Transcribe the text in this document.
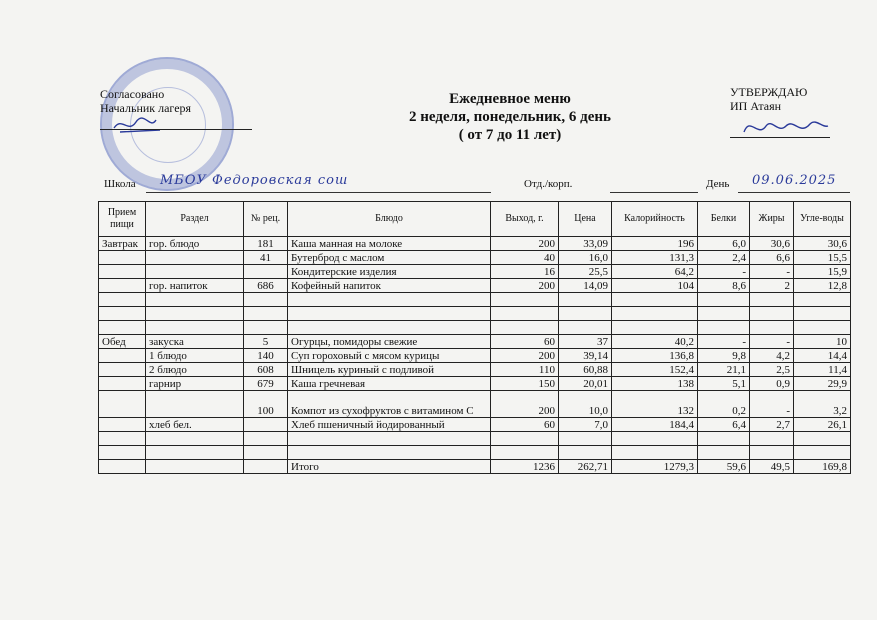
Согласовано
Начальник лагеря
УТВЕРЖДАЮ
ИП Атаян
Ежедневное меню
2 неделя, понедельник, 6 день
( от 7 до 11 лет)
Школа МБОУ Федоровская сош	Отд./корп.	День 09.06.2025
Прием пищи	Раздел	№ рец.	Блюдо	Выход, г.	Цена	Калорийность	Белки	Жиры	Угле-воды
Завтрак	гор. блюдо	181	Каша манная на молоке	200	33,09	196	6,0	30,6	30,6
		41	Бутерброд с маслом	40	16,0	131,3	2,4	6,6	15,5
			Кондитерские изделия	16	25,5	64,2	-	-	15,9
	гор. напиток	686	Кофейный напиток	200	14,09	104	8,6	2	12,8

Обед	закуска	5	Огурцы, помидоры свежие	60	37	40,2	-	-	10
	1 блюдо	140	Суп гороховый с мясом курицы	200	39,14	136,8	9,8	4,2	14,4
	2 блюдо	608	Шницель куриный с подливой	110	60,88	152,4	21,1	2,5	11,4
	гарнир	679	Каша гречневая	150	20,01	138	5,1	0,9	29,9
		100	Компот из сухофруктов с витамином С	200	10,0	132	0,2	-	3,2
	хлеб бел.		Хлеб пшеничный йодированный	60	7,0	184,4	6,4	2,7	26,1

			Итого	1236	262,71	1279,3	59,6	49,5	169,8
